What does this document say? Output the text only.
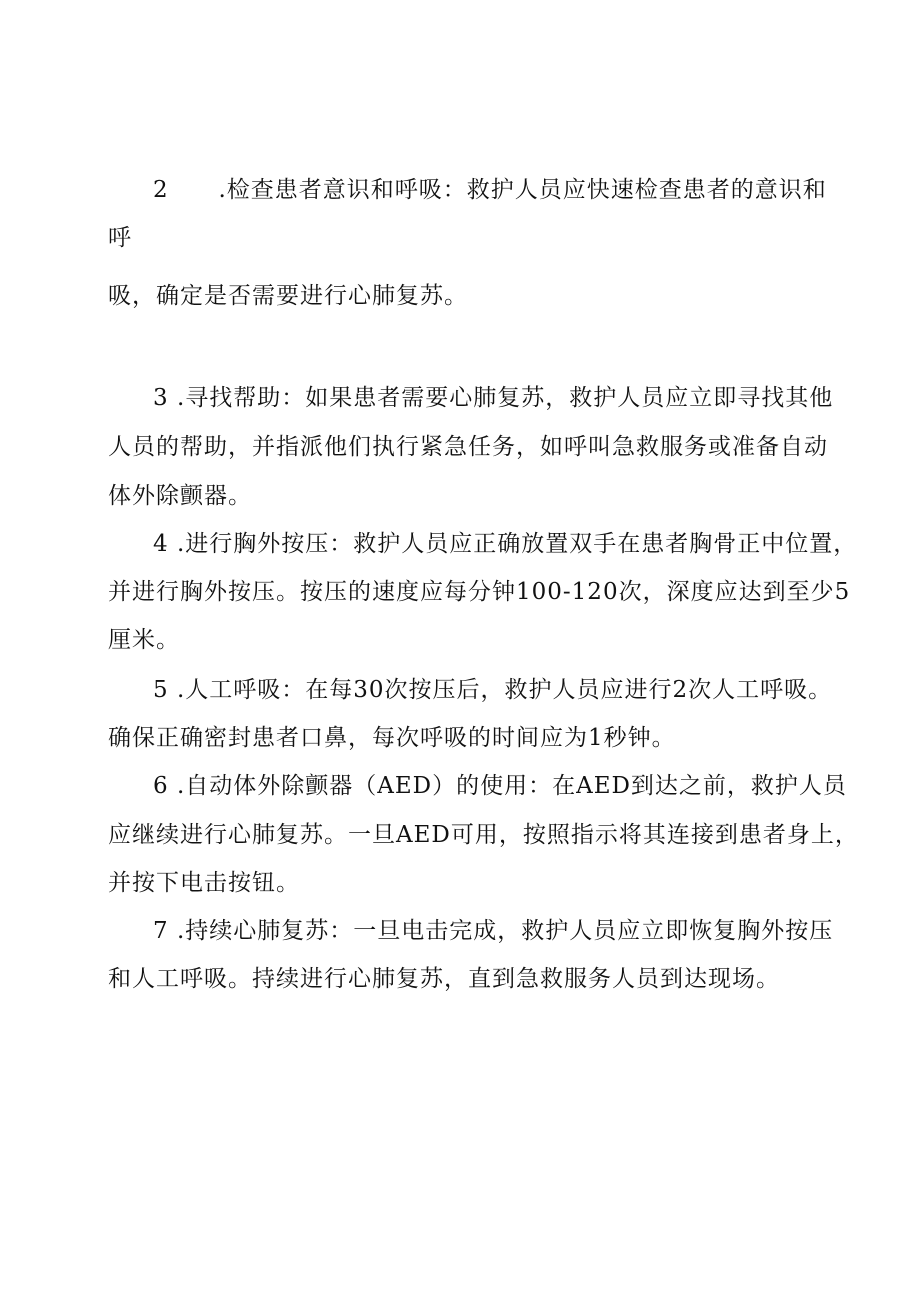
2      .检查患者意识和呼吸：救护人员应快速检查患者的意识和
呼
吸，确定是否需要进行心肺复苏。
3 .寻找帮助：如果患者需要心肺复苏，救护人员应立即寻找其他
人员的帮助，并指派他们执行紧急任务，如呼叫急救服务或准备自动
体外除颤器。
4 .进行胸外按压：救护人员应正确放置双手在患者胸骨正中位置，
并进行胸外按压。按压的速度应每分钟100-120次，深度应达到至少5
厘米。
5 .人工呼吸：在每30次按压后，救护人员应进行2次人工呼吸。
确保正确密封患者口鼻，每次呼吸的时间应为1秒钟。
6 .自动体外除颤器（AED）的使用：在AED到达之前，救护人员
应继续进行心肺复苏。一旦AED可用，按照指示将其连接到患者身上，
并按下电击按钮。
7 .持续心肺复苏：一旦电击完成，救护人员应立即恢复胸外按压
和人工呼吸。持续进行心肺复苏，直到急救服务人员到达现场。
